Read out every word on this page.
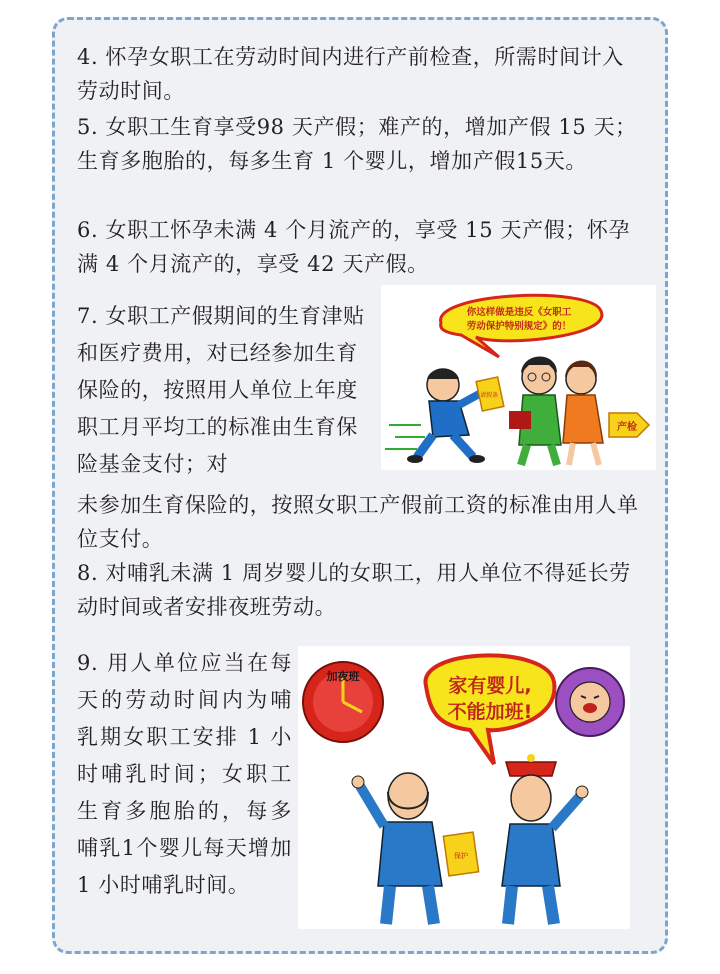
4. 怀孕女职工在劳动时间内进行产前检查，所需时间计入劳动时间。

5. 女职工生育享受98 天产假；难产的，增加产假 15 天；生育多胞胎的，每多生育 1 个婴儿，增加产假15天。

6. 女职工怀孕未满 4 个月流产的，享受 15 天产假；怀孕满 4 个月流产的，享受 42 天产假。

7. 女职工产假期间的生育津贴和医疗费用，对已经参加生育保险的，按照用人单位上年度职工月平均工的标准由生育保险基金支付；对

你这样做是违反《女职工
劳动保护特别规定》的！
请假条
产检

未参加生育保险的，按照女职工产假前工资的标准由用人单位支付。

8. 对哺乳未满 1 周岁婴儿的女职工，用人单位不得延长劳动时间或者安排夜班劳动。

9. 用人单位应当在每天的劳动时间内为哺乳期女职工安排 1 小时哺乳时间；女职工生育多胞胎的，每多哺乳1个婴儿每天增加 1 小时哺乳时间。

加夜班	家有婴儿,
不能加班!
保护
